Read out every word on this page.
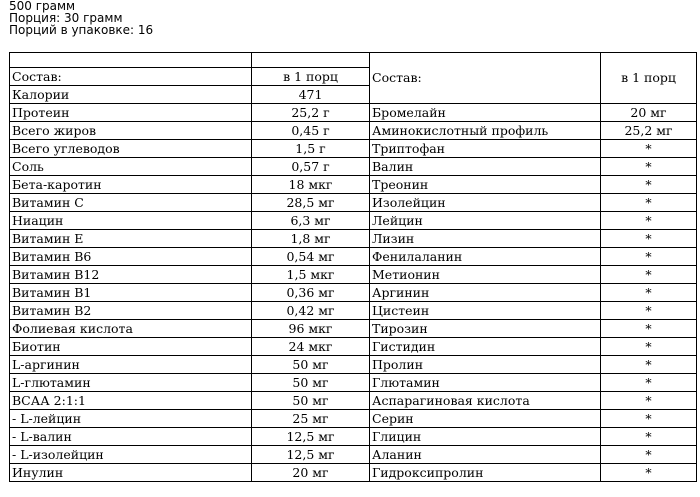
500 грамм
Порция: 30 грамм
Порций в упаковке: 16
		Состав:	в 1 порц
Состав:	в 1 порц		
Калории	471		
Протеин	25,2 г	Бромелайн	20 мг
Всего жиров	0,45 г	Аминокислотный профиль	25,2 мг
Всего углеводов	1,5 г	Триптофан	*
Соль	0,57 г	Валин	*
Бета-каротин	18 мкг	Треонин	*
Витамин С	28,5 мг	Изолейцин	*
Ниацин	6,3 мг	Лейцин	*
Витамин Е	1,8 мг	Лизин	*
Витамин В6	0,54 мг	Фенилаланин	*
Витамин В12	1,5 мкг	Метионин	*
Витамин В1	0,36 мг	Аргинин	*
Витамин В2	0,42 мг	Цистеин	*
Фолиевая кислота	96 мкг	Тирозин	*
Биотин	24 мкг	Гистидин	*
L-аргинин	50 мг	Пролин	*
L-глютамин	50 мг	Глютамин	*
ВСАА 2:1:1	50 мг	Аспарагиновая кислота	*
- L-лейцин	25 мг	Серин	*
- L-валин	12,5 мг	Глицин	*
- L-изолейцин	12,5 мг	Аланин	*
Инулин	20 мг	Гидроксипролин	*
